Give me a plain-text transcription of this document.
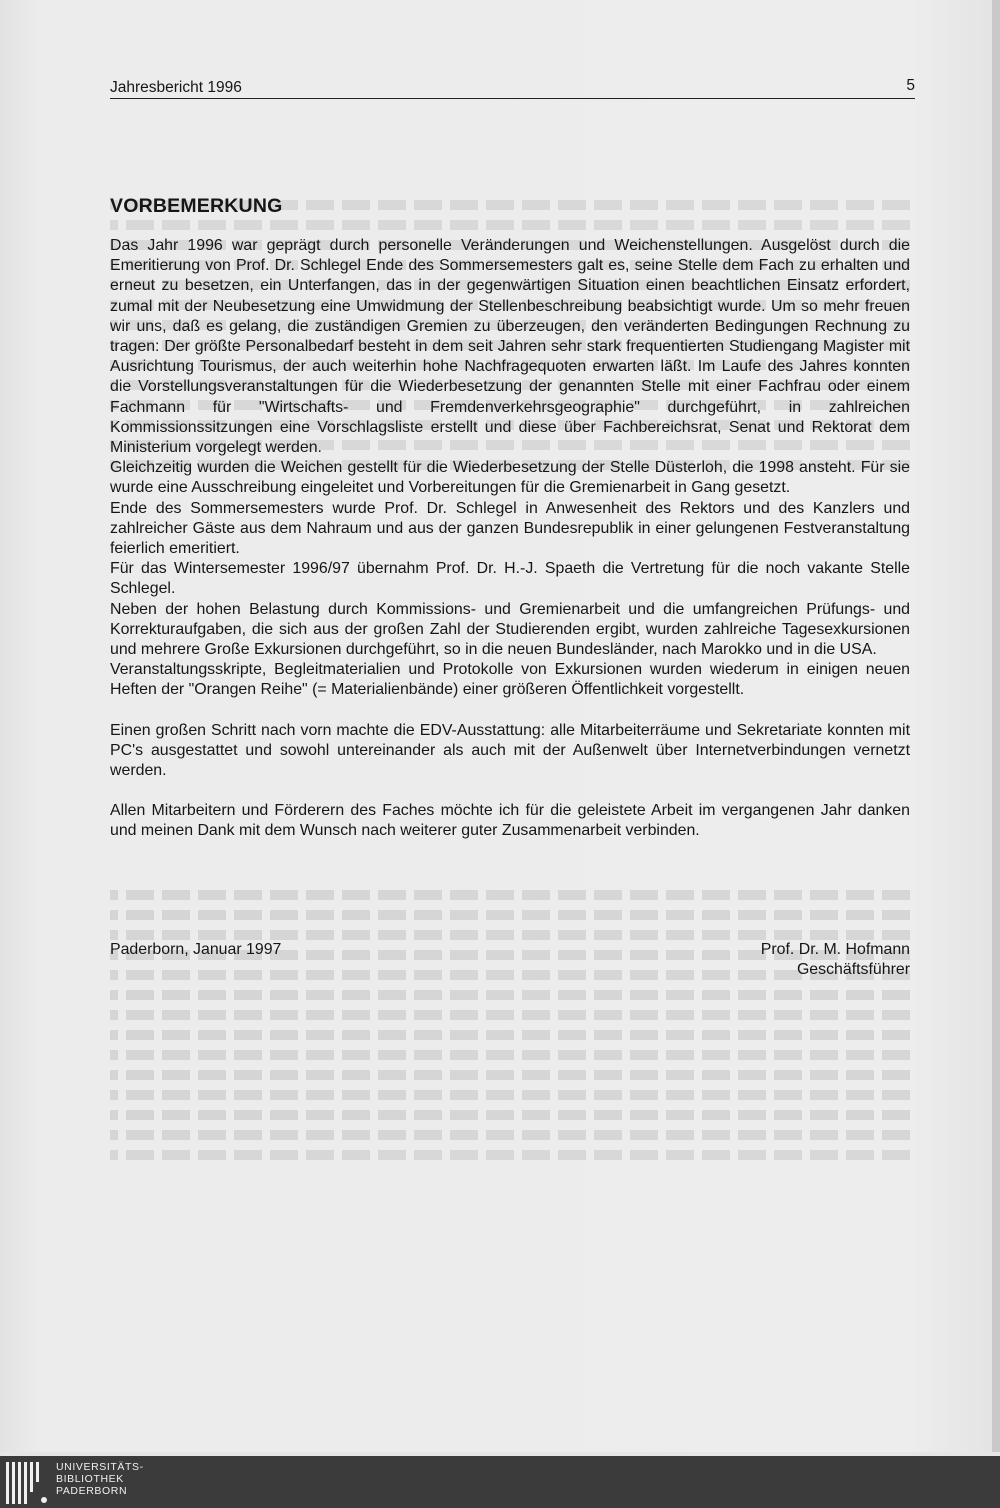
Jahresbericht 1996	5
VORBEMERKUNG

Das Jahr 1996 war geprägt durch personelle Veränderungen und Weichenstellungen. Ausgelöst durch die Emeritierung von Prof. Dr. Schlegel Ende des Sommersemesters galt es, seine Stelle dem Fach zu erhalten und erneut zu besetzen, ein Unterfangen, das in der gegenwärtigen Situation einen beachtlichen Einsatz erfordert, zumal mit der Neubesetzung eine Umwidmung der Stellenbeschreibung beabsichtigt wurde. Um so mehr freuen wir uns, daß es gelang, die zuständigen Gremien zu überzeugen, den veränderten Bedingungen Rechnung zu tragen: Der größte Personalbedarf besteht in dem seit Jahren sehr stark frequentierten Studiengang Magister mit Ausrichtung Tourismus, der auch weiterhin hohe Nachfragequoten erwarten läßt. Im Laufe des Jahres konnten die Vorstellungsveranstaltungen für die Wiederbesetzung der genannten Stelle mit einer Fachfrau oder einem Fachmann für "Wirtschafts- und Fremdenverkehrsgeographie" durchgeführt, in zahlreichen Kommissionssitzungen eine Vorschlagsliste erstellt und diese über Fachbereichsrat, Senat und Rektorat dem Ministerium vorgelegt werden.

Gleichzeitig wurden die Weichen gestellt für die Wiederbesetzung der Stelle Düsterloh, die 1998 ansteht. Für sie wurde eine Ausschreibung eingeleitet und Vorbereitungen für die Gremienarbeit in Gang gesetzt.

Ende des Sommersemesters wurde Prof. Dr. Schlegel in Anwesenheit des Rektors und des Kanzlers und zahlreicher Gäste aus dem Nahraum und aus der ganzen Bundesrepublik in einer gelungenen Festveranstaltung feierlich emeritiert.

Für das Wintersemester 1996/97 übernahm Prof. Dr. H.-J. Spaeth die Vertretung für die noch vakante Stelle Schlegel.

Neben der hohen Belastung durch Kommissions- und Gremienarbeit und die umfangreichen Prüfungs- und Korrekturaufgaben, die sich aus der großen Zahl der Studierenden ergibt, wurden zahlreiche Tagesexkursionen und mehrere Große Exkursionen durchgeführt, so in die neuen Bundesländer, nach Marokko und in die USA.

Veranstaltungsskripte, Begleitmaterialien und Protokolle von Exkursionen wurden wiederum in einigen neuen Heften der "Orangen Reihe" (= Materialienbände) einer größeren Öffentlichkeit vorgestellt.

Einen großen Schritt nach vorn machte die EDV-Ausstattung: alle Mitarbeiterräume und Sekretariate konnten mit PC's ausgestattet und sowohl untereinander als auch mit der Außenwelt über Internetverbindungen vernetzt werden.

Allen Mitarbeitern und Förderern des Faches möchte ich für die geleistete Arbeit im vergangenen Jahr danken und meinen Dank mit dem Wunsch nach weiterer guter Zusammenarbeit verbinden.

Paderborn, Januar 1997	Prof. Dr. M. Hofmann
Geschäftsführer
UNIVERSITÄTS-
BIBLIOTHEK
PADERBORN
